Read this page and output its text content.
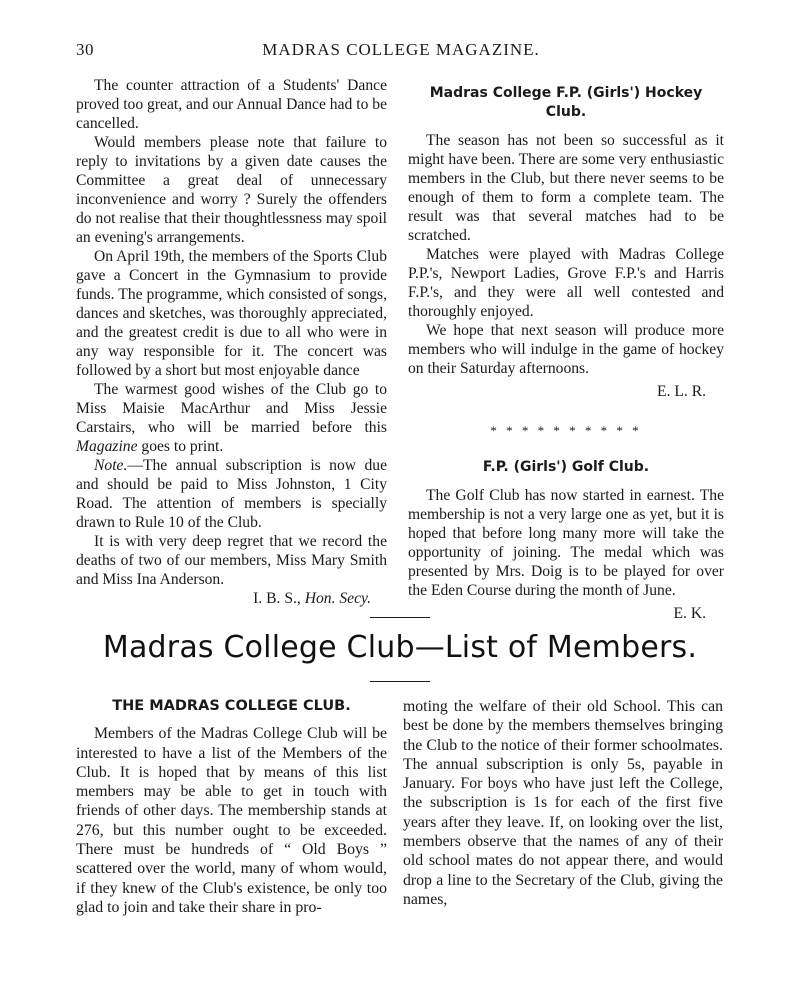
30	MADRAS COLLEGE MAGAZINE.

The counter attraction of a Students' Dance proved too great, and our Annual Dance had to be cancelled.

Would members please note that failure to reply to invitations by a given date causes the Committee a great deal of unnecessary inconvenience and worry ? Surely the offenders do not realise that their thoughtlessness may spoil an evening's arrangements.

On April 19th, the members of the Sports Club gave a Concert in the Gymnasium to provide funds. The programme, which consisted of songs, dances and sketches, was thoroughly appreciated, and the greatest credit is due to all who were in any way responsible for it. The concert was followed by a short but most enjoyable dance

The warmest good wishes of the Club go to Miss Maisie MacArthur and Miss Jessie Carstairs, who will be married before this Magazine goes to print.

Note.—The annual subscription is now due and should be paid to Miss Johnston, 1 City Road. The attention of members is specially drawn to Rule 10 of the Club.

It is with very deep regret that we record the deaths of two of our members, Miss Mary Smith and Miss Ina Anderson.

I. B. S., Hon. Secy.

Madras College F.P. (Girls') Hockey Club.

The season has not been so successful as it might have been. There are some very enthusiastic members in the Club, but there never seems to be enough of them to form a complete team. The result was that several matches had to be scratched.

Matches were played with Madras College P.P.'s, Newport Ladies, Grove F.P.'s and Harris F.P.'s, and they were all well contested and thoroughly enjoyed.

We hope that next season will produce more members who will indulge in the game of hockey on their Saturday afternoons.

E. L. R.

* * * * * * * * * *
F.P. (Girls') Golf Club.

The Golf Club has now started in earnest. The membership is not a very large one as yet, but it is hoped that before long many more will take the opportunity of joining. The medal which was presented by Mrs. Doig is to be played for over the Eden Course during the month of June.

E. K.

Madras College Club—List of Members.
THE MADRAS COLLEGE CLUB.

Members of the Madras College Club will be interested to have a list of the Members of the Club. It is hoped that by means of this list members may be able to get in touch with friends of other days. The membership stands at 276, but this number ought to be exceeded. There must be hundreds of “ Old Boys ” scattered over the world, many of whom would, if they knew of the Club's existence, be only too glad to join and take their share in pro-

moting the welfare of their old School. This can best be done by the members themselves bringing the Club to the notice of their former schoolmates. The annual subscription is only 5s, payable in January. For boys who have just left the College, the subscription is 1s for each of the first five years after they leave. If, on looking over the list, members observe that the names of any of their old school mates do not appear there, and would drop a line to the Secretary of the Club, giving the names,
